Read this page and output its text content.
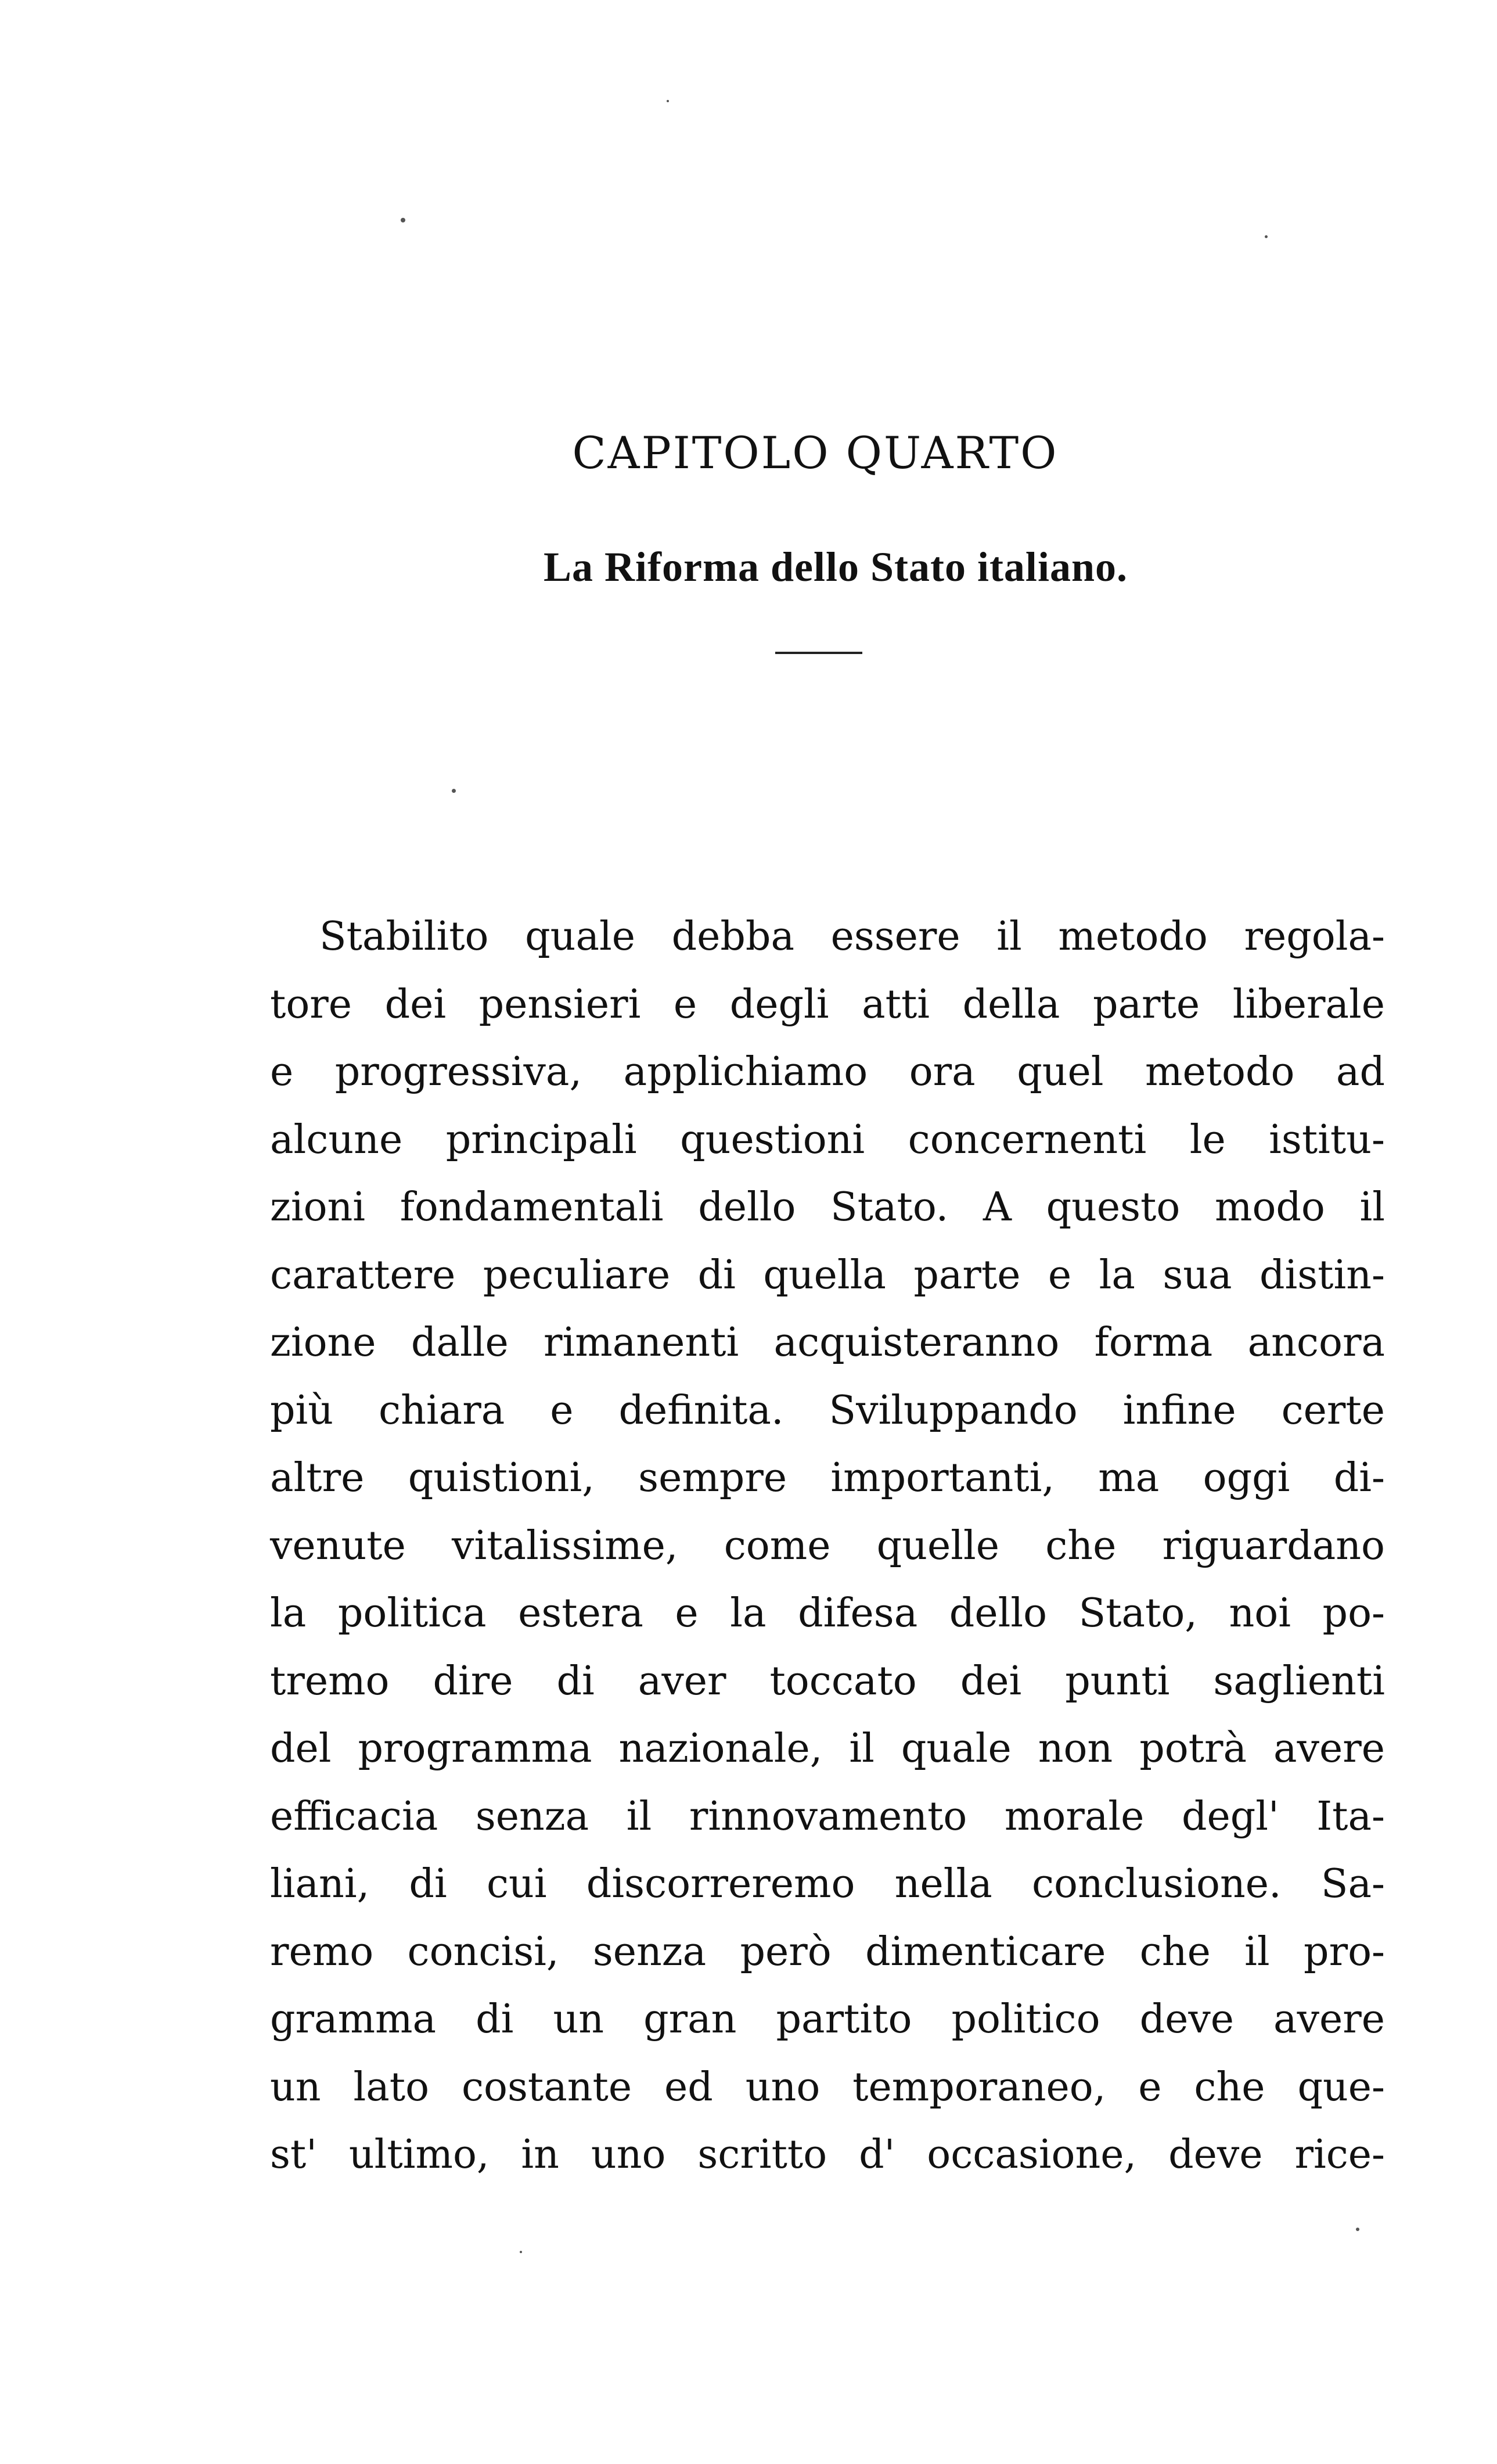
CAPITOLO QUARTO
La Riforma dello Stato italiano.
Stabilito quale debba essere il metodo regola-
tore dei pensieri e degli atti della parte liberale
e progressiva, applichiamo ora quel metodo ad
alcune principali questioni concernenti le istitu-
zioni fondamentali dello Stato. A questo modo il
carattere peculiare di quella parte e la sua distin-
zione dalle rimanenti acquisteranno forma ancora
più chiara e definita. Sviluppando infine certe
altre quistioni, sempre importanti, ma oggi di-
venute vitalissime, come quelle che riguardano
la politica estera e la difesa dello Stato, noi po-
tremo dire di aver toccato dei punti saglienti
del programma nazionale, il quale non potrà avere
efficacia senza il rinnovamento morale degl' Ita-
liani, di cui discorreremo nella conclusione. Sa-
remo concisi, senza però dimenticare che il pro-
gramma di un gran partito politico deve avere
un lato costante ed uno temporaneo, e che que-
st' ultimo, in uno scritto d' occasione, deve rice-
